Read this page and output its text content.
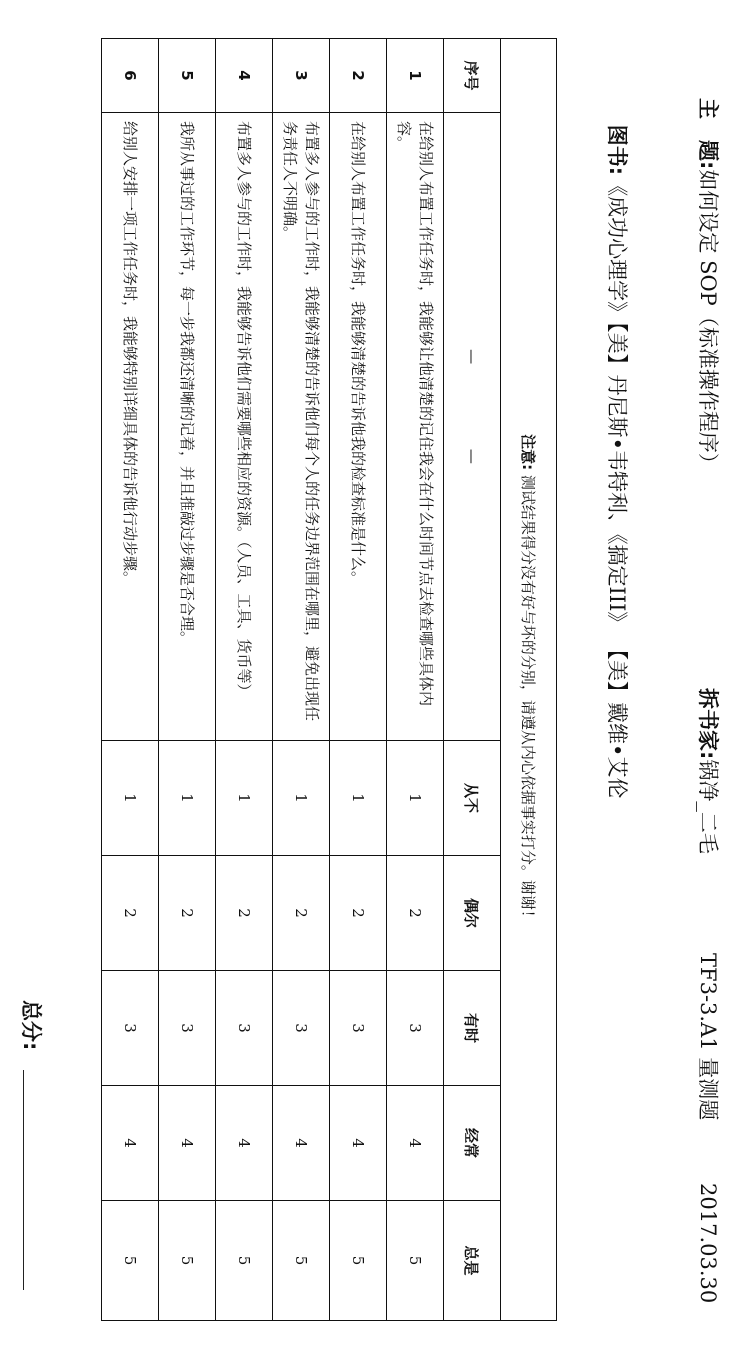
主　题:如何设定 SOP（标准操作程序）

拆书家:锅净_二毛

TF3-3.A1 量测题

2017.03.30

图书:《成功心理学》【美】丹尼斯•韦特利、《搞定III》 【美】戴维•艾伦

注意: 测试结果得分没有好与坏的分别，请遵从内心依据事实打分。谢谢！						
序号	— —	从不	偶尔	有时	经常	总是
1	在给别人布置工作任务时，我能够让他清楚的记住我会在什么时间节点去检查哪些具体内容。	1	2	3	4	5
2	在给别人布置工作任务时，我能够清楚的告诉他我的检查标准是什么。	1	2	3	4	5
3	布置多人参与的工作时，我能够清楚的告诉他们每个人的任务边界范围在哪里，避免出现任务责任人不明确。	1	2	3	4	5
4	布置多人参与的工作时，我能够告诉他们需要哪些相应的资源。（人员、工具、货币等）	1	2	3	4	5
5	我所从事过的工作环节，每一步我都还清晰的记着，并且推敲过步骤是否合理。	1	2	3	4	5
6	给别人安排一项工作任务时，我能够特别详细具体的告诉他行动步骤。	1	2	3	4	5
总分:
